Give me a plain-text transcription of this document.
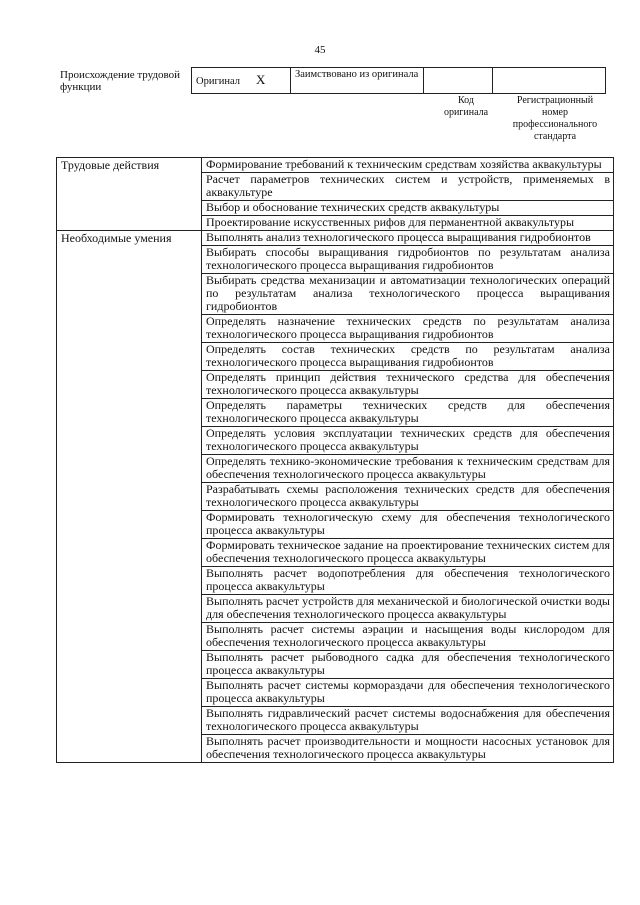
45
Происхождение трудовой функции	Оригинал X	Заимствовано из оригинала		
Код оригинала
Регистрационный номер профессионального стандарта
Трудовые действия	Формирование требований к техническим средствам хозяйства аквакультуры
	Расчет параметров технических систем и устройств, применяемых в аквакультуре
	Выбор и обоснование технических средств аквакультуры
	Проектирование искусственных рифов для перманентной аквакультуры
Необходимые умения	Выполнять анализ технологического процесса выращивания гидробионтов
	Выбирать способы выращивания гидробионтов по результатам анализа технологического процесса выращивания гидробионтов
	Выбирать средства механизации и автоматизации технологических операций по результатам анализа технологического процесса выращивания гидробионтов
	Определять назначение технических средств по результатам анализа технологического процесса выращивания гидробионтов
	Определять состав технических средств по результатам анализа технологического процесса выращивания гидробионтов
	Определять принцип действия технического средства для обеспечения технологического процесса аквакультуры
	Определять параметры технических средств для обеспечения технологического процесса аквакультуры
	Определять условия эксплуатации технических средств для обеспечения технологического процесса аквакультуры
	Определять технико-экономические требования к техническим средствам для обеспечения технологического процесса аквакультуры
	Разрабатывать схемы расположения технических средств для обеспечения технологического процесса аквакультуры
	Формировать технологическую схему для обеспечения технологического процесса аквакультуры
	Формировать техническое задание на проектирование технических систем для обеспечения технологического процесса аквакультуры
	Выполнять расчет водопотребления для обеспечения технологического процесса аквакультуры
	Выполнять расчет устройств для механической и биологической очистки воды для обеспечения технологического процесса аквакультуры
	Выполнять расчет системы аэрации и насыщения воды кислородом для обеспечения технологического процесса аквакультуры
	Выполнять расчет рыбоводного садка для обеспечения технологического процесса аквакультуры
	Выполнять расчет системы кормораздачи для обеспечения технологического процесса аквакультуры
	Выполнять гидравлический расчет системы водоснабжения для обеспечения технологического процесса аквакультуры
	Выполнять расчет производительности и мощности насосных установок для обеспечения технологического процесса аквакультуры
